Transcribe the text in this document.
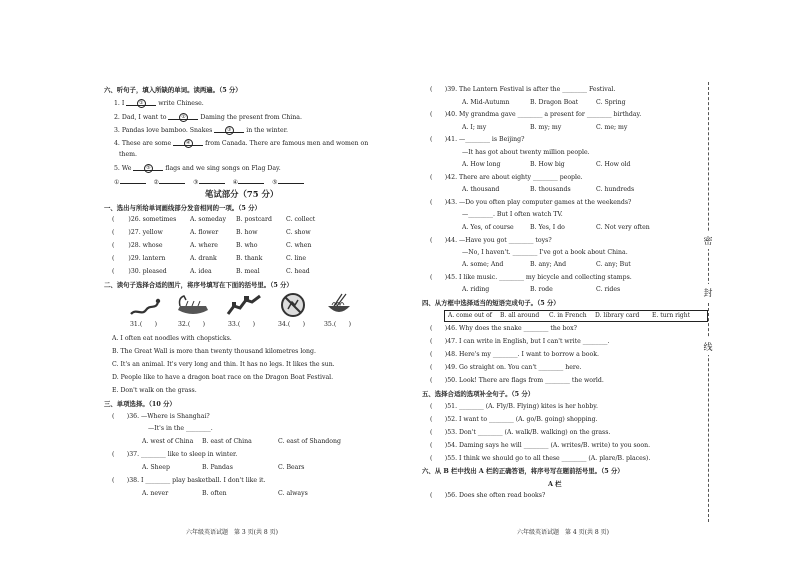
六、听句子，填入所缺的单词。读两遍。（5 分）
1. I	① write Chinese.
2. Dad, I want to	② Daming the present from China.
3. Pandas love bamboo. Snakes	③ in the winter.
4. These are some	④ from Canada. There are famous men and women on
them.
5. We	⑤ flags and we sing songs on Flag Day.
①	②	③	④	⑤
笔试部分（75 分）
一、选出与所给单词画线部分发音相同的一项。（5 分）
( )26. sometimes A. someday B. postcard C. collect
( )27. yellow	A. flower	B. how	C. show
( )28. whose	A. where	B. who	C. when
( )29. lantern	A. drank	B. thank	C. line
( )30. pleased	A. idea	B. meal	C. head
二、读句子选择合适的图片，将序号填写在下面的括号里。（5 分）
31.(　　)	32.(　　)	33.(　　)	34.(　　)	35.(　　)
A. I often eat noodles with chopsticks.
B. The Great Wall is more than twenty thousand kilometres long.
C. It's an animal. It's very long and thin. It has no legs. It likes the sun.
D. People like to have a dragon boat race on the Dragon Boat Festival.
E. Don't walk on the grass.
三、单项选择。（10 分）
(　　)36. —Where is Shanghai?
—It's in the ________.
A. west of China B. east of China	C. east of Shandong
(　　)37. ________ like to sleep in winter.
A. Sheep	B. Pandas	C. Bears
(　　)38. I ________ play basketball. I don't like it.
A. never	B. often	C. always
六年级英语试题　第 3 页(共 8 页)
(　　)39. The Lantern Festival is after the ________ Festival.
A. Mid-Autumn	B. Dragon Boat	C. Spring
(　　)40. My grandma gave ________ a present for ________ birthday.
A. I; my	B. my; my	C. me; my
(　　)41. —________ is Beijing?
—It has got about twenty million people.
A. How long	B. How big	C. How old
(　　)42. There are about eighty ________ people.
A. thousand	B. thousands	C. hundreds
(　　)43. —Do you often play computer games at the weekends?
—________. But I often watch TV.
A. Yes, of course	B. Yes, I do	C. Not very often
(　　)44. —Have you got ________ toys?
—No, I haven't. ________ I've got a book about China.
A. some; And	B. any; And	C. any; But
(　　)45. I like music. ________ my bicycle and collecting stamps.
A. riding	B. rode	C. rides
四、从方框中选择适当的短语完成句子。（5 分）
A. come out of B. all around C. in French D. library card E. turn right
(　　)46. Why does the snake ________ the box?
(　　)47. I can write in English, but I can't write ________.
(　　)48. Here's my ________. I want to borrow a book.
(　　)49. Go straight on. You can't ________ here.
(　　)50. Look! There are flags from ________ the world.
五、选择合适的选项补全句子。（5 分）
(　　)51. ________ (A. Fly/B. Flying) kites is her hobby.
(　　)52. I want to ________ (A. go/B. going) shopping.
(　　)53. Don't ________ (A. walk/B. walking) on the grass.
(　　)54. Daming says he will ________ (A. writes/B. write) to you soon.
(　　)55. I think we should go to all these ________ (A. plare/B. places).
六、从 B 栏中找出 A 栏的正确答语，将序号写在题前括号里。（5 分）
A 栏
(　　)56. Does she often read books?
六年级英语试题　第 4 页(共 8 页)
密
封
线
